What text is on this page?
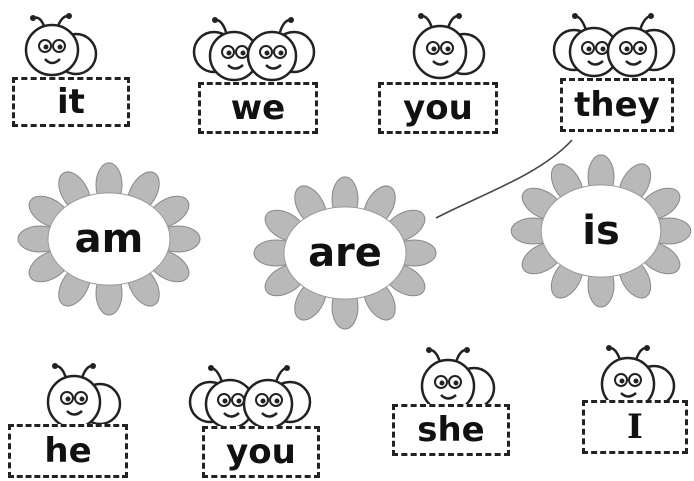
it	we	you	they
am	are	is
he	you
she	I
